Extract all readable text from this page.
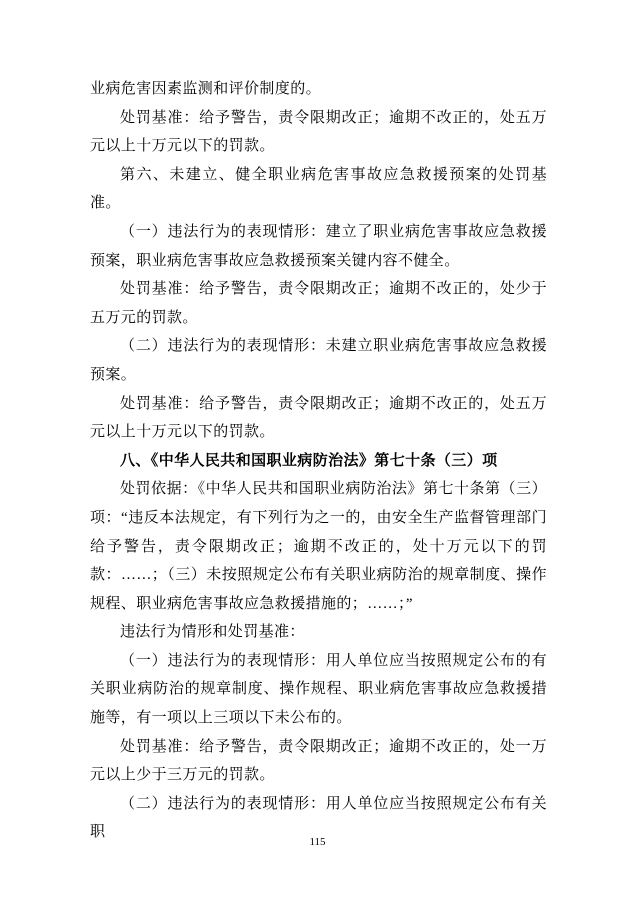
业病危害因素监测和评价制度的。

处罚基准：给予警告，责令限期改正；逾期不改正的，处五万元以上十万元以下的罚款。

第六、未建立、健全职业病危害事故应急救援预案的处罚基准。

（一）违法行为的表现情形：建立了职业病危害事故应急救援预案，职业病危害事故应急救援预案关键内容不健全。

处罚基准：给予警告，责令限期改正；逾期不改正的，处少于五万元的罚款。

（二）违法行为的表现情形：未建立职业病危害事故应急救援预案。

处罚基准：给予警告，责令限期改正；逾期不改正的，处五万元以上十万元以下的罚款。

八、《中华人民共和国职业病防治法》第七十条（三）项

处罚依据：《中华人民共和国职业病防治法》第七十条第（三）项：“违反本法规定，有下列行为之一的，由安全生产监督管理部门给予警告，责令限期改正；逾期不改正的，处十万元以下的罚款：……；（三）未按照规定公布有关职业病防治的规章制度、操作规程、职业病危害事故应急救援措施的；……；”

违法行为情形和处罚基准：

（一）违法行为的表现情形：用人单位应当按照规定公布的有关职业病防治的规章制度、操作规程、职业病危害事故应急救援措施等，有一项以上三项以下未公布的。

处罚基准：给予警告，责令限期改正；逾期不改正的，处一万元以上少于三万元的罚款。

（二）违法行为的表现情形：用人单位应当按照规定公布有关职

115
